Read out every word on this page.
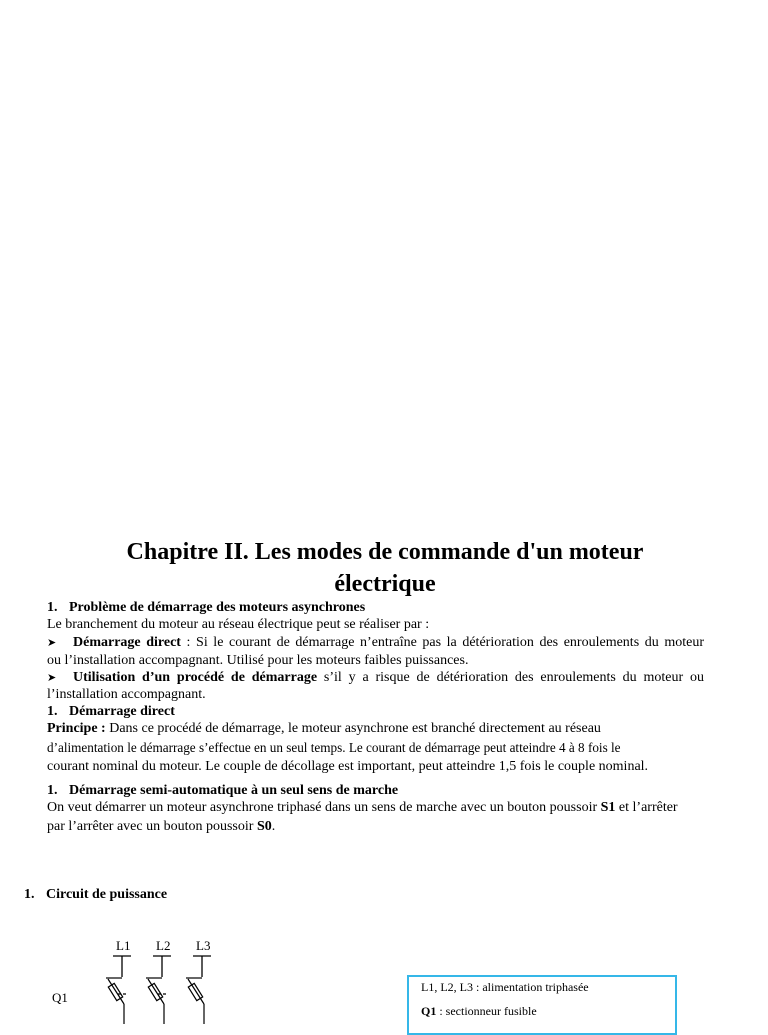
Chapitre II. Les modes de commande d'un moteur
électrique
1. Problème de démarrage des moteurs asynchrones
Le branchement du moteur au réseau électrique peut se réaliser par :
➤ Démarrage direct : Si le courant de démarrage n’entraîne pas la détérioration des enroulements du moteur
ou l’installation accompagnant. Utilisé pour les moteurs faibles puissances.
➤ Utilisation d’un procédé de démarrage s’il y a risque de détérioration des enroulements du moteur ou
l’installation accompagnant.
1. Démarrage direct
Principe : Dans ce procédé de démarrage, le moteur asynchrone est branché directement au réseau
d’alimentation le démarrage s’effectue en un seul temps. Le courant de démarrage peut atteindre 4 à 8 fois le
courant nominal du moteur. Le couple de décollage est important, peut atteindre 1,5 fois le couple nominal.
1. Démarrage semi-automatique à un seul sens de marche
On veut démarrer un moteur asynchrone triphasé dans un sens de marche avec un bouton poussoir S1 et l’arrêter
par l’arrêter avec un bouton poussoir S0.
1. Circuit de puissance
L1 L2 L3
Q1
L1, L2, L3 : alimentation triphasée
Q1 : sectionneur fusible
